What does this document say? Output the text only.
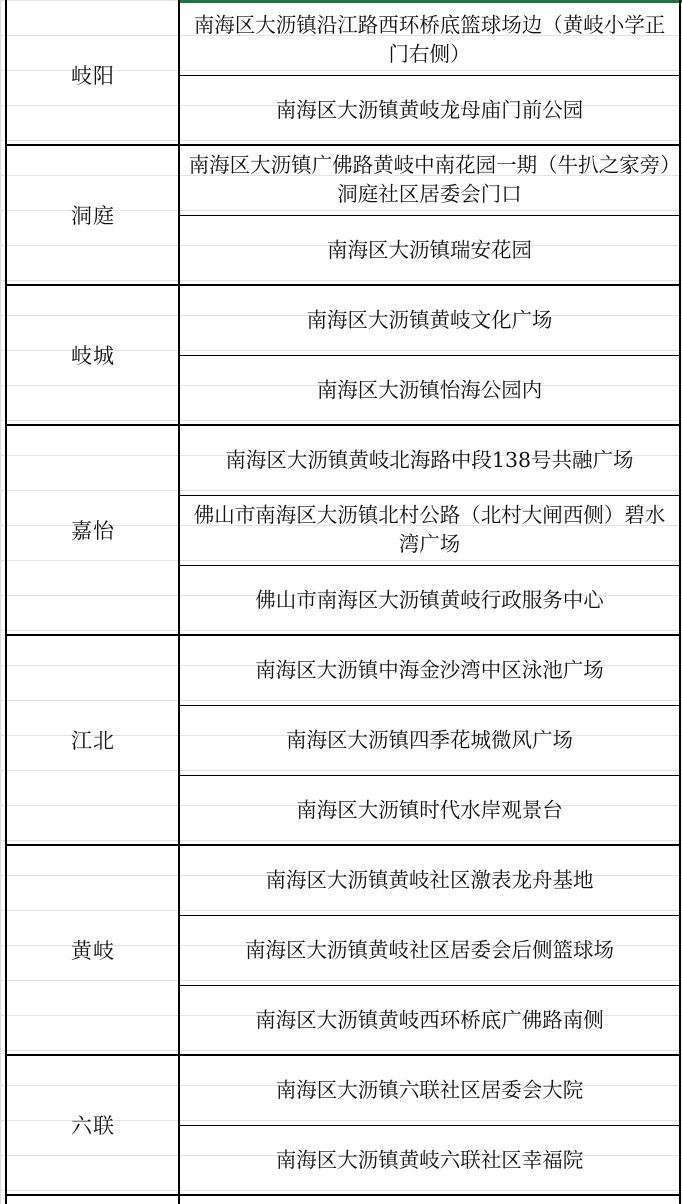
岐阳
南海区大沥镇沿江路西环桥底篮球场边（黄岐小学正门右侧）
南海区大沥镇黄岐龙母庙门前公园
洞庭
南海区大沥镇广佛路黄岐中南花园一期（牛扒之家旁）洞庭社区居委会门口
南海区大沥镇瑞安花园
岐城
南海区大沥镇黄岐文化广场
南海区大沥镇怡海公园内
嘉怡
南海区大沥镇黄岐北海路中段138号共融广场
佛山市南海区大沥镇北村公路（北村大闸西侧）碧水湾广场
佛山市南海区大沥镇黄岐行政服务中心
江北
南海区大沥镇中海金沙湾中区泳池广场
南海区大沥镇四季花城微风广场
南海区大沥镇时代水岸观景台
黄岐
南海区大沥镇黄岐社区激表龙舟基地
南海区大沥镇黄岐社区居委会后侧篮球场
南海区大沥镇黄岐西环桥底广佛路南侧
六联
南海区大沥镇六联社区居委会大院
南海区大沥镇黄岐六联社区幸福院
